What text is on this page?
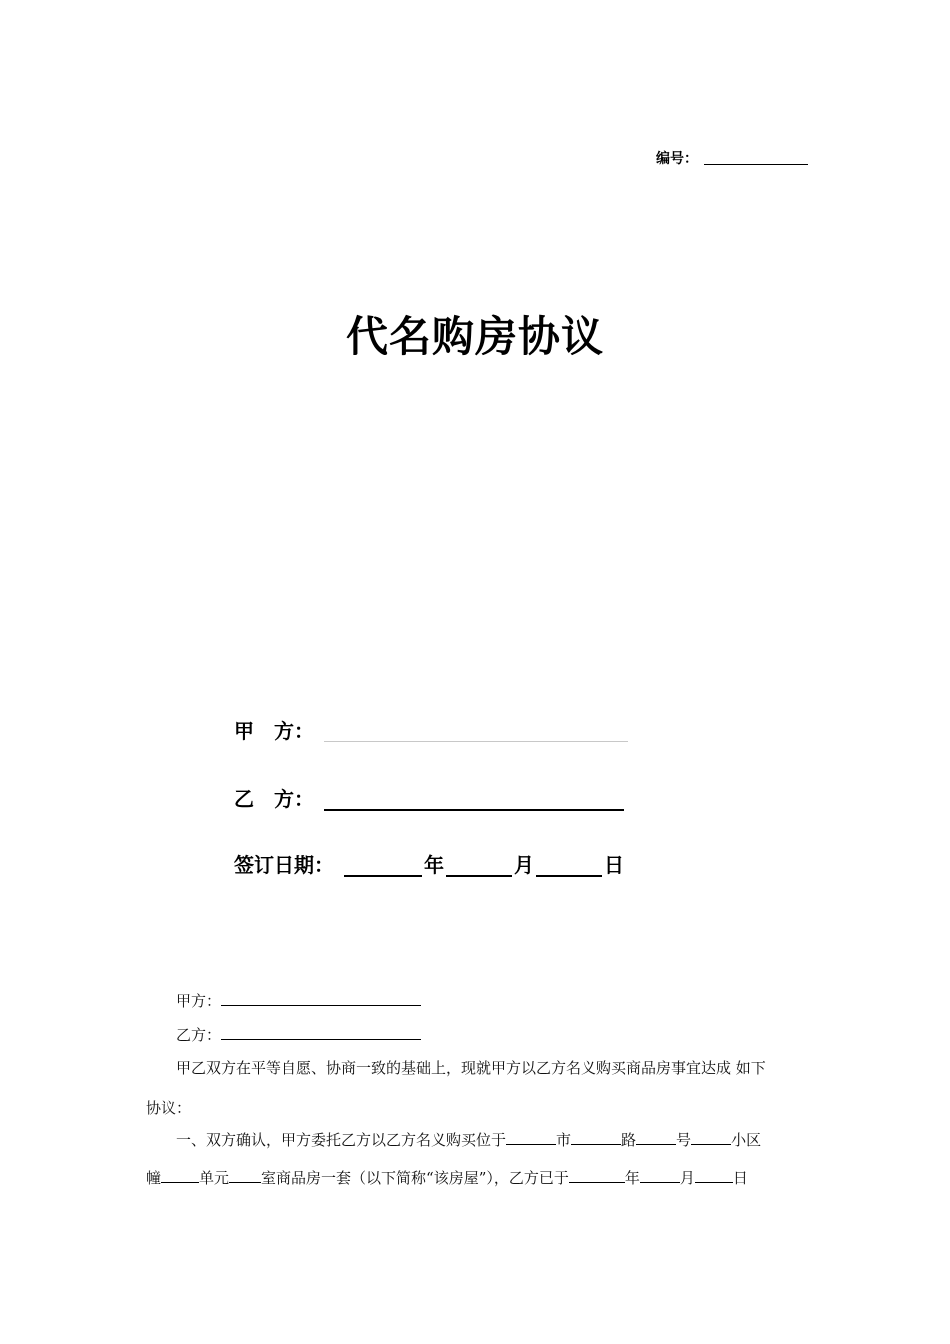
编号：
代名购房协议
甲　方：
乙　方：
签订日期：	年	月	日
甲方：
乙方：
甲乙双方在平等自愿、协商一致的基础上，现就甲方以乙方名义购买商品房事宜达成 如下
协议：
一、双方确认，甲方委托乙方以乙方名义购买位于	市	路	号	小区
幢	单元 室商品房一套（以下简称“该房屋”），乙方已于	年	月	日
